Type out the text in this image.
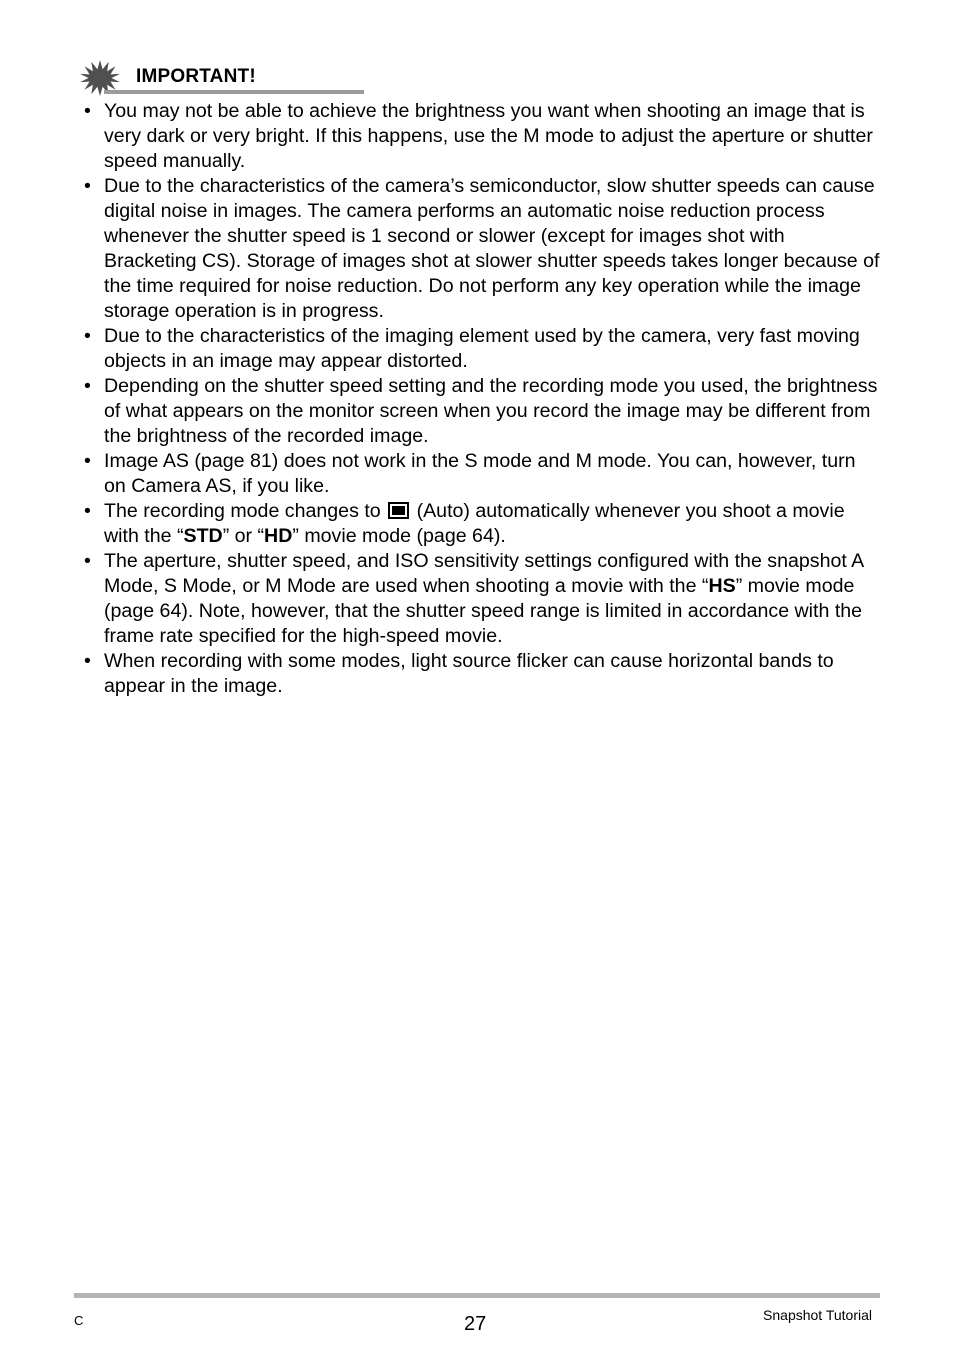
IMPORTANT!
• You may not be able to achieve the brightness you want when shooting an image that is very dark or very bright. If this happens, use the M mode to adjust the aperture or shutter speed manually.
• Due to the characteristics of the camera’s semiconductor, slow shutter speeds can cause digital noise in images. The camera performs an automatic noise reduction process whenever the shutter speed is 1 second or slower (except for images shot with Bracketing CS). Storage of images shot at slower shutter speeds takes longer because of the time required for noise reduction. Do not perform any key operation while the image storage operation is in progress.
• Due to the characteristics of the imaging element used by the camera, very fast moving objects in an image may appear distorted.
• Depending on the shutter speed setting and the recording mode you used, the brightness of what appears on the monitor screen when you record the image may be different from the brightness of the recorded image.
• Image AS (page 81) does not work in the S mode and M mode. You can, however, turn on Camera AS, if you like.
• The recording mode changes to (Auto) automatically whenever you shoot a movie with the “STD” or “HD” movie mode (page 64).
• The aperture, shutter speed, and ISO sensitivity settings configured with the snapshot A Mode, S Mode, or M Mode are used when shooting a movie with the “HS” movie mode (page 64). Note, however, that the shutter speed range is limited in accordance with the frame rate specified for the high-speed movie.
• When recording with some modes, light source flicker can cause horizontal bands to appear in the image.
C	27	Snapshot Tutorial
